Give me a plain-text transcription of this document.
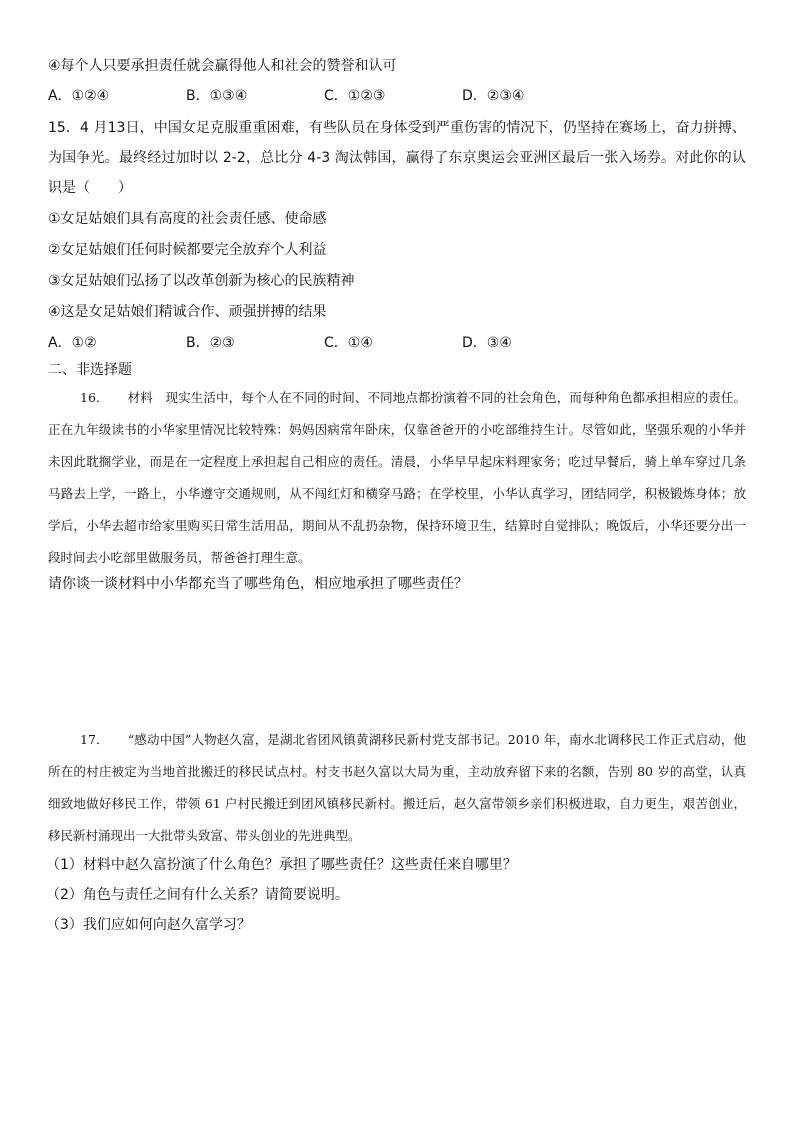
④每个人只要承担责任就会赢得他人和社会的赞誉和认可
A．①②④	B．①③④	C．①②③	D．②③④

15．4 月13日，中国女足克服重重困难，有些队员在身体受到严重伤害的情况下，仍坚持在赛场上，奋力拼搏、为国争光。最终经过加时以 2-2，总比分 4-3 淘汰韩国，赢得了东京奥运会亚洲区最后一张入场券。对此你的认识是（　　）

①女足姑娘们具有高度的社会责任感、使命感
②女足姑娘们任何时候都要完全放弃个人利益
③女足姑娘们弘扬了以改革创新为核心的民族精神
④这是女足姑娘们精诚合作、顽强拼搏的结果
A．①②	B．②③	C．①④	D．③④
二、非选择题

16．　　材料　现实生活中，每个人在不同的时间、不同地点都扮演着不同的社会角色，而每种角色都承担相应的责任。正在九年级读书的小华家里情况比较特殊：妈妈因病常年卧床，仅靠爸爸开的小吃部维持生计。尽管如此，坚强乐观的小华并未因此耽搁学业，而是在一定程度上承担起自己相应的责任。清晨，小华早早起床料理家务；吃过早餐后，骑上单车穿过几条马路去上学，一路上，小华遵守交通规则，从不闯红灯和横穿马路；在学校里，小华认真学习，团结同学，积极锻炼身体；放学后，小华去超市给家里购买日常生活用品，期间从不乱扔杂物，保持环境卫生，结算时自觉排队；晚饭后，小华还要分出一段时间去小吃部里做服务员，帮爸爸打理生意。

请你谈一谈材料中小华都充当了哪些角色，相应地承担了哪些责任？

17．　　“感动中国”人物赵久富，是湖北省团风镇黄湖移民新村党支部书记。2010 年，南水北调移民工作正式启动，他所在的村庄被定为当地首批搬迁的移民试点村。村支书赵久富以大局为重，主动放弃留下来的名额，告别 80 岁的高堂，认真细致地做好移民工作，带领 61 户村民搬迁到团风镇移民新村。搬迁后，赵久富带领乡亲们积极进取，自力更生，艰苦创业，移民新村涌现出一大批带头致富、带头创业的先进典型。

（1）材料中赵久富扮演了什么角色？承担了哪些责任？这些责任来自哪里？
（2）角色与责任之间有什么关系？请简要说明。
（3）我们应如何向赵久富学习？
